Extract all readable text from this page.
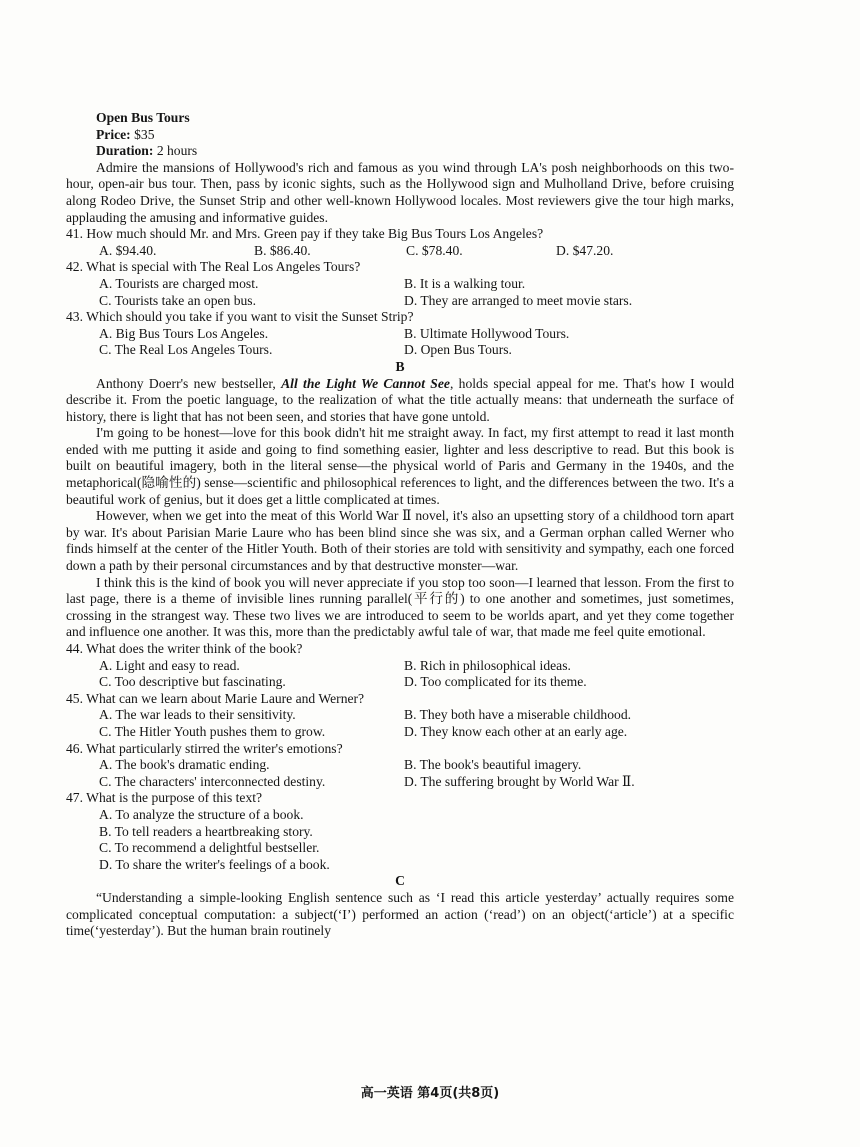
Open Bus Tours
Price: $35
Duration: 2 hours

Admire the mansions of Hollywood's rich and famous as you wind through LA's posh neighborhoods on this two-hour, open-air bus tour. Then, pass by iconic sights, such as the Hollywood sign and Mulholland Drive, before cruising along Rodeo Drive, the Sunset Strip and other well-known Hollywood locales. Most reviewers give the tour high marks, applauding the amusing and informative guides.

41. How much should Mr. and Mrs. Green pay if they take Big Bus Tours Los Angeles?
A. $94.40.	B. $86.40.	C. $78.40.	D. $47.20.
42. What is special with The Real Los Angeles Tours?
A. Tourists are charged most.	B. It is a walking tour.
C. Tourists take an open bus.	D. They are arranged to meet movie stars.
43. Which should you take if you want to visit the Sunset Strip?
A. Big Bus Tours Los Angeles.	B. Ultimate Hollywood Tours.
C. The Real Los Angeles Tours.	D. Open Bus Tours.
B

Anthony Doerr's new bestseller, All the Light We Cannot See, holds special appeal for me. That's how I would describe it. From the poetic language, to the realization of what the title actually means: that underneath the surface of history, there is light that has not been seen, and stories that have gone untold.

I'm going to be honest—love for this book didn't hit me straight away. In fact, my first attempt to read it last month ended with me putting it aside and going to find something easier, lighter and less descriptive to read. But this book is built on beautiful imagery, both in the literal sense—the physical world of Paris and Germany in the 1940s, and the metaphorical(隐喻性的) sense—scientific and philosophical references to light, and the differences between the two. It's a beautiful work of genius, but it does get a little complicated at times.

However, when we get into the meat of this World War Ⅱ novel, it's also an upsetting story of a childhood torn apart by war. It's about Parisian Marie Laure who has been blind since she was six, and a German orphan called Werner who finds himself at the center of the Hitler Youth. Both of their stories are told with sensitivity and sympathy, each one forced down a path by their personal circumstances and by that destructive monster—war.

I think this is the kind of book you will never appreciate if you stop too soon—I learned that lesson. From the first to last page, there is a theme of invisible lines running parallel(平行的) to one another and sometimes, just sometimes, crossing in the strangest way. These two lives we are introduced to seem to be worlds apart, and yet they come together and influence one another. It was this, more than the predictably awful tale of war, that made me feel quite emotional.

44. What does the writer think of the book?
A. Light and easy to read.	B. Rich in philosophical ideas.
C. Too descriptive but fascinating.	D. Too complicated for its theme.
45. What can we learn about Marie Laure and Werner?
A. The war leads to their sensitivity.	B. They both have a miserable childhood.
C. The Hitler Youth pushes them to grow.	D. They know each other at an early age.
46. What particularly stirred the writer's emotions?
A. The book's dramatic ending.	B. The book's beautiful imagery.
C. The characters' interconnected destiny.	D. The suffering brought by World War Ⅱ.
47. What is the purpose of this text?
A. To analyze the structure of a book.
B. To tell readers a heartbreaking story.
C. To recommend a delightful bestseller.
D. To share the writer's feelings of a book.
C

“Understanding a simple-looking English sentence such as ‘I read this article yesterday’ actually requires some complicated conceptual computation: a subject(‘I’) performed an action (‘read’) on an object(‘article’) at a specific time(‘yesterday’). But the human brain routinely

高一英语 第4页(共8页)
